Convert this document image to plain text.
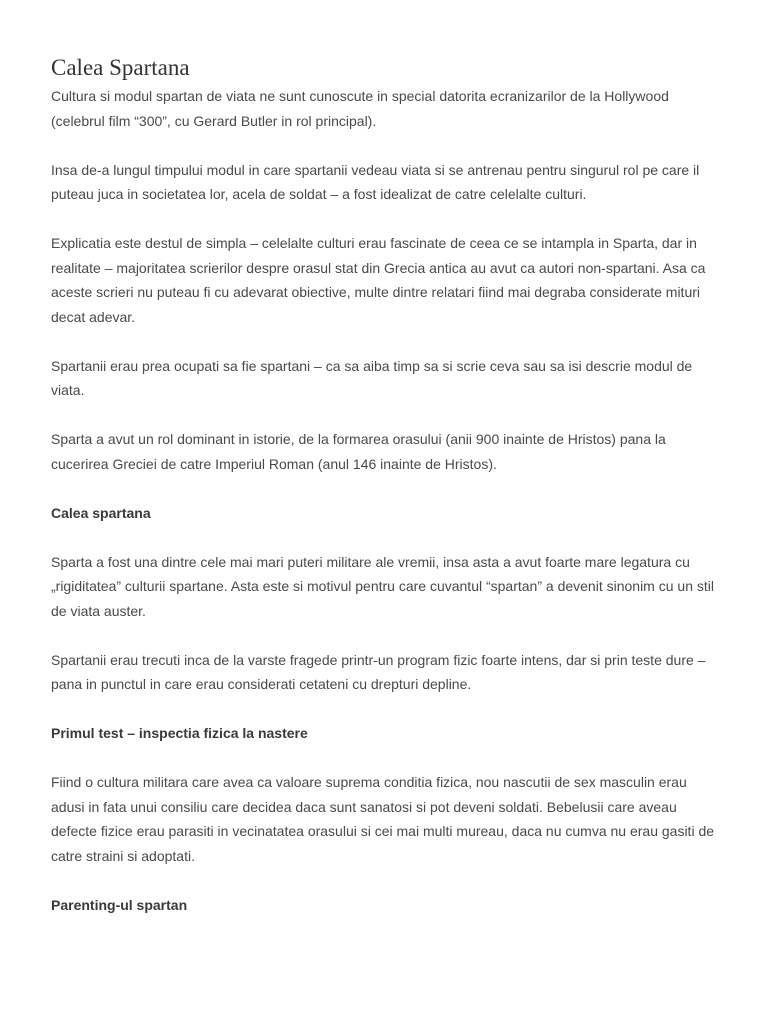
Calea Spartana

Cultura si modul spartan de viata ne sunt cunoscute in special datorita ecranizarilor de la Hollywood (celebrul film “300”, cu Gerard Butler in rol principal).

Insa de-a lungul timpului modul in care spartanii vedeau viata si se antrenau pentru singurul rol pe care il puteau juca in societatea lor, acela de soldat – a fost idealizat de catre celelalte culturi.

Explicatia este destul de simpla – celelalte culturi erau fascinate de ceea ce se intampla in Sparta, dar in realitate – majoritatea scrierilor despre orasul stat din Grecia antica au avut ca autori non-spartani. Asa ca aceste scrieri nu puteau fi cu adevarat obiective, multe dintre relatari fiind mai degraba considerate mituri decat adevar.

Spartanii erau prea ocupati sa fie spartani – ca sa aiba timp sa si scrie ceva sau sa isi descrie modul de viata.

Sparta a avut un rol dominant in istorie, de la formarea orasului (anii 900 inainte de Hristos) pana la cucerirea Greciei de catre Imperiul Roman (anul 146 inainte de Hristos).

Calea spartana

Sparta a fost una dintre cele mai mari puteri militare ale vremii, insa asta a avut foarte mare legatura cu „rigiditatea” culturii spartane. Asta este si motivul pentru care cuvantul “spartan” a devenit sinonim cu un stil de viata auster.

Spartanii erau trecuti inca de la varste fragede printr-un program fizic foarte intens, dar si prin teste dure – pana in punctul in care erau considerati cetateni cu drepturi depline.

Primul test – inspectia fizica la nastere

Fiind o cultura militara care avea ca valoare suprema conditia fizica, nou nascutii de sex masculin erau adusi in fata unui consiliu care decidea daca sunt sanatosi si pot deveni soldati. Bebelusii care aveau defecte fizice erau parasiti in vecinatatea orasului si cei mai multi mureau, daca nu cumva nu erau gasiti de catre straini si adoptati.

Parenting-ul spartan
